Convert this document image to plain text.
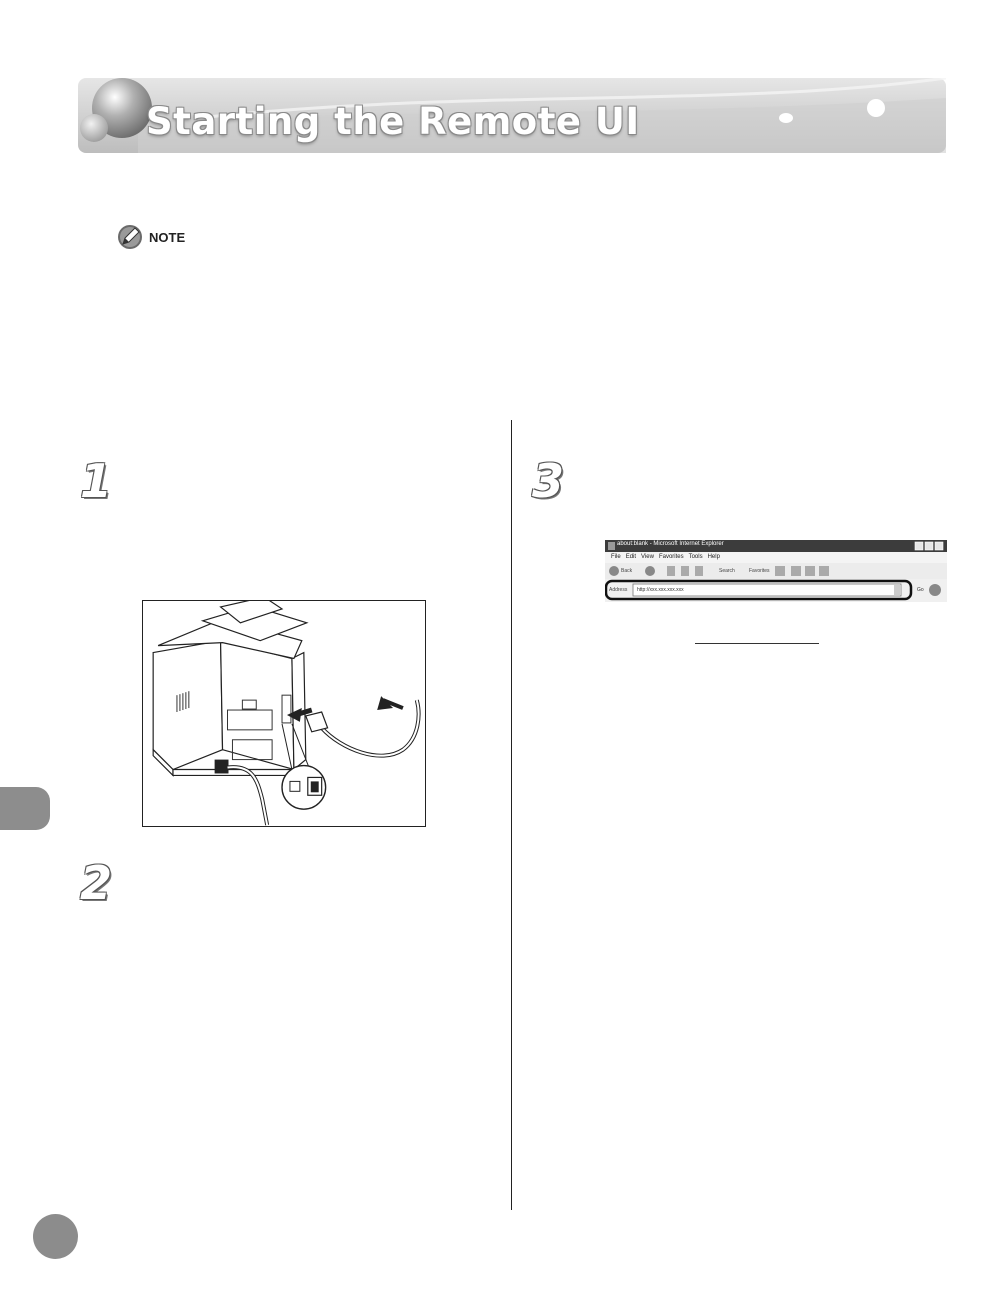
Starting the Remote UI
NOTE
1
2
3
about:blank - Microsoft Internet Explorer
File Edit View Favorites Tools Help
Back	Search	Favorites
Address http://xxx.xxx.xxx.xxx	Go
